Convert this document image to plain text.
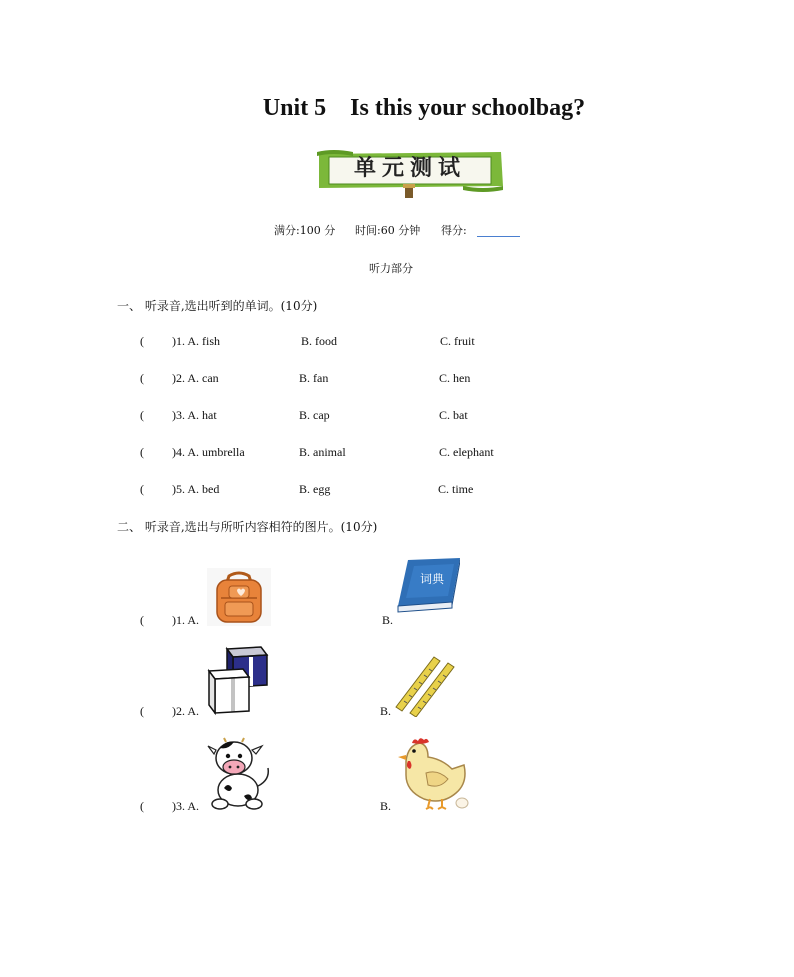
Unit 5    Is this your schoolbag?
单元测试
满分:100 分 时间:60 分钟 得分:
听力部分
一、 听录音,选出听到的单词。(10分)
(	)1. A. fish	B. food	C. fruit
(	)2. A. can	B. fan	C. hen
(	)3. A. hat	B. cap	C. bat
(	)4. A. umbrella	B. animal	C. elephant
(	)5. A. bed	B. egg	C. time
二、 听录音,选出与所听内容相符的图片。(10分)
(	)1. A.	B.
词典
(	)2. A.	B.
(	)3. A.	B.
